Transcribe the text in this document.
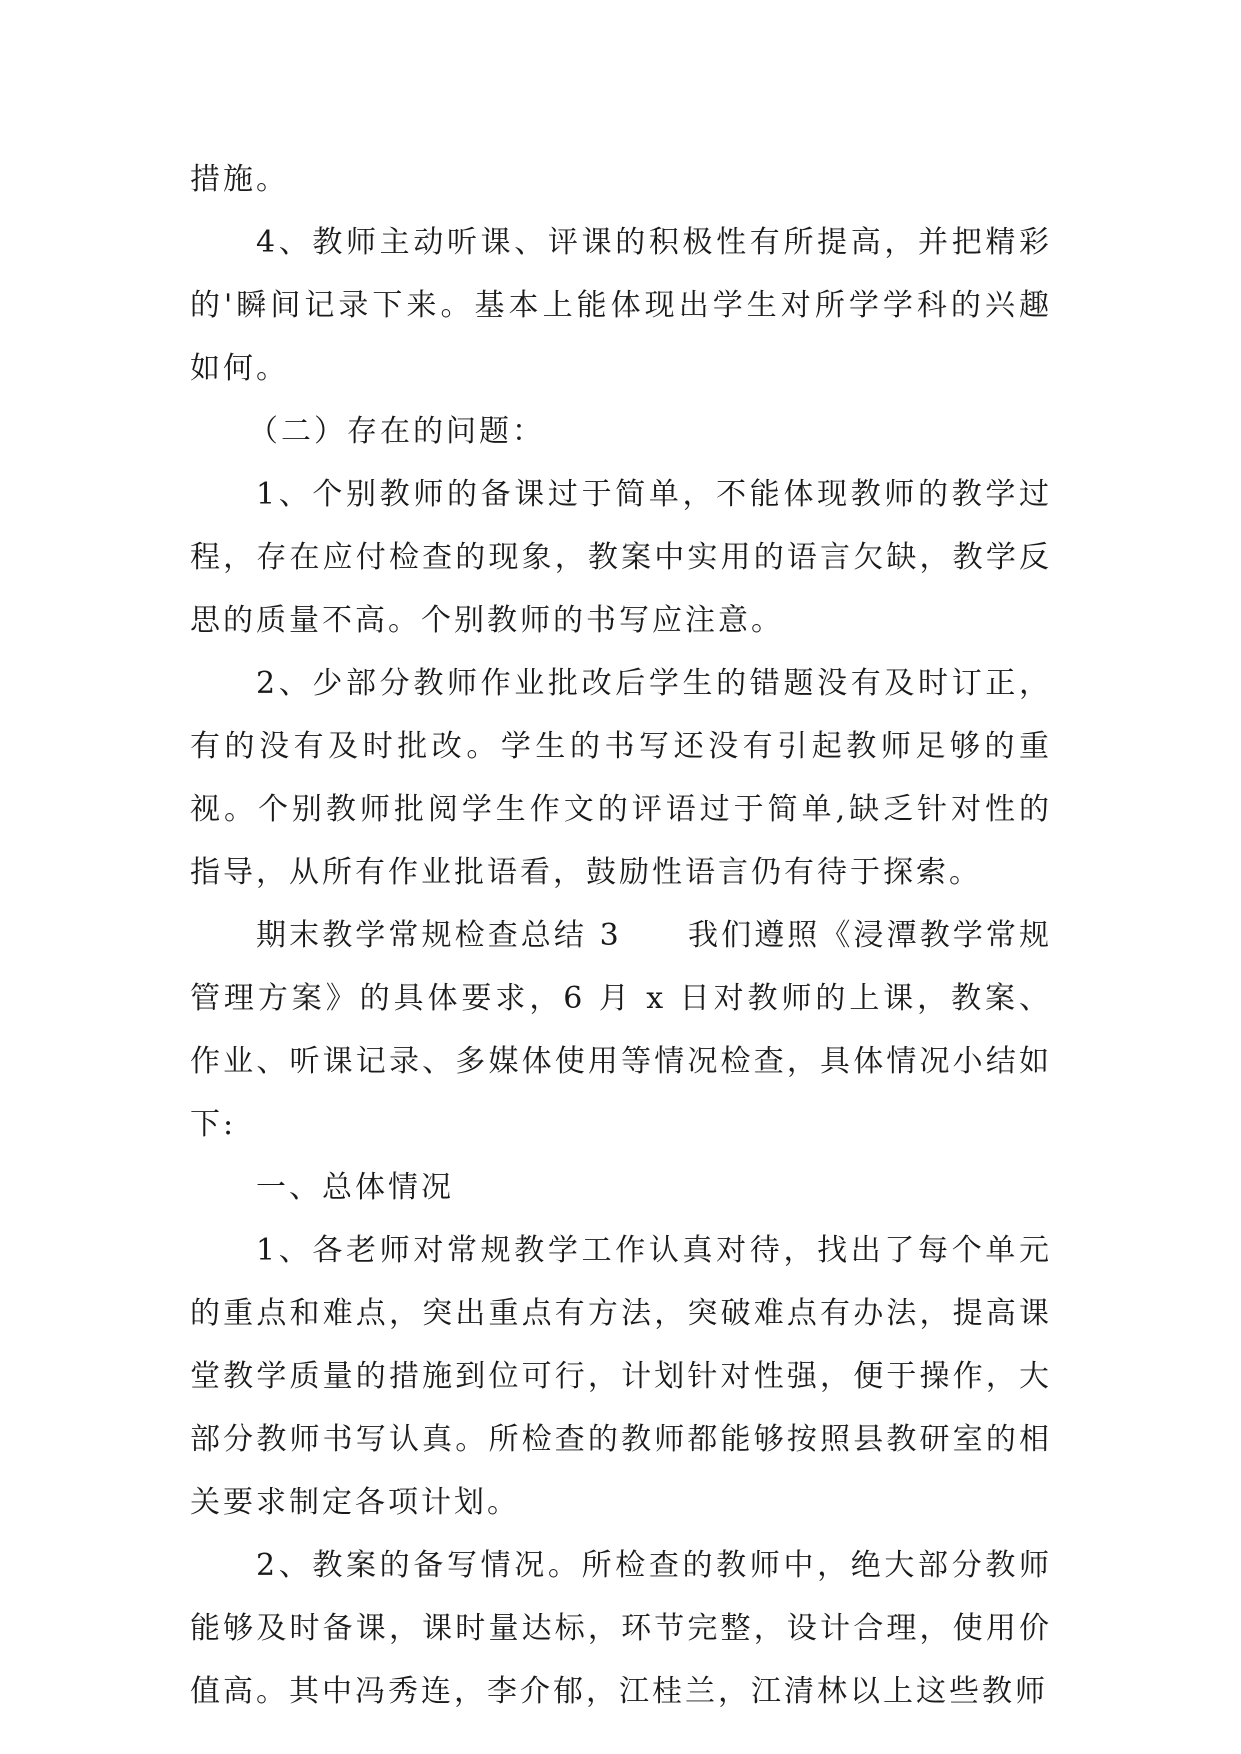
措施。

4、教师主动听课、评课的积极性有所提高，并把精彩的'瞬间记录下来。基本上能体现出学生对所学学科的兴趣如何。

（二）存在的问题：

1、个别教师的备课过于简单，不能体现教师的教学过程，存在应付检查的现象，教案中实用的语言欠缺，教学反思的质量不高。个别教师的书写应注意。

2、少部分教师作业批改后学生的错题没有及时订正，有的没有及时批改。学生的书写还没有引起教师足够的重视。个别教师批阅学生作文的评语过于简单,缺乏针对性的指导，从所有作业批语看，鼓励性语言仍有待于探索。

期末教学常规检查总结 3　　我们遵照《浸潭教学常规管理方案》的具体要求，6 月 x 日对教师的上课，教案、作业、听课记录、多媒体使用等情况检查，具体情况小结如下:

一、总体情况

1、各老师对常规教学工作认真对待，找出了每个单元的重点和难点，突出重点有方法，突破难点有办法，提高课堂教学质量的措施到位可行，计划针对性强，便于操作，大部分教师书写认真。所检查的教师都能够按照县教研室的相关要求制定各项计划。

2、教案的备写情况。所检查的教师中，绝大部分教师能够及时备课，课时量达标，环节完整，设计合理，使用价值高。其中冯秀连，李介郁，江桂兰，江清林以上这些教师
